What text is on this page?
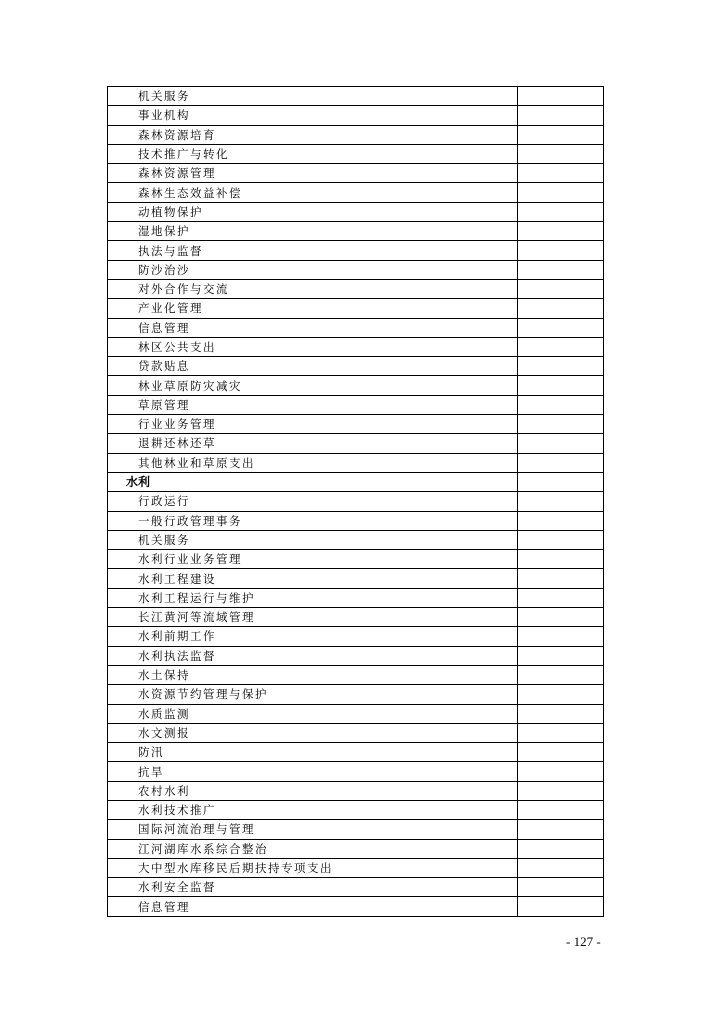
机关服务	
事业机构	
森林资源培育	
技术推广与转化	
森林资源管理	
森林生态效益补偿	
动植物保护	
湿地保护	
执法与监督	
防沙治沙	
对外合作与交流	
产业化管理	
信息管理	
林区公共支出	
贷款贴息	
林业草原防灾减灾	
草原管理	
行业业务管理	
退耕还林还草	
其他林业和草原支出	
水利	
行政运行	
一般行政管理事务	
机关服务	
水利行业业务管理	
水利工程建设	
水利工程运行与维护	
长江黄河等流域管理	
水利前期工作	
水利执法监督	
水土保持	
水资源节约管理与保护	
水质监测	
水文测报	
防汛	
抗旱	
农村水利	
水利技术推广	
国际河流治理与管理	
江河湖库水系综合整治	
大中型水库移民后期扶持专项支出	
水利安全监督	
信息管理	
- 127 -
